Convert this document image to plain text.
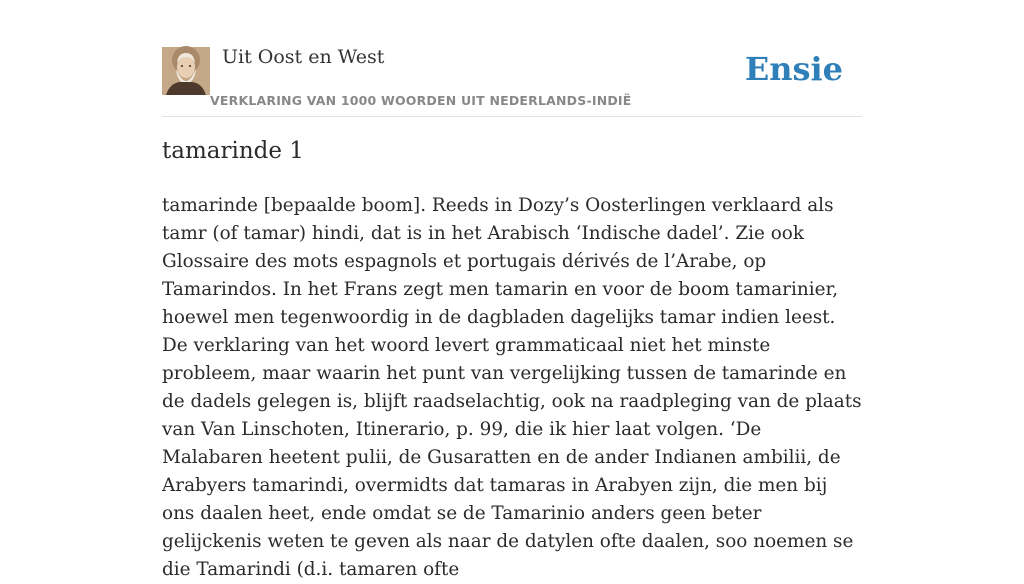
Uit Oost en West
VERKLARING VAN 1000 WOORDEN UIT NEDERLANDS-INDIË
Ensie
tamarinde 1

tamarinde [bepaalde boom]. Reeds in Dozy’s Oosterlingen verklaard als tamr (of tamar) hindi, dat is in het Arabisch ‘Indische dadel’. Zie ook Glossaire des mots espagnols et portugais dérivés de l’Arabe, op Tamarindos. In het Frans zegt men tamarin en voor de boom tamarinier, hoewel men tegenwoordig in de dagbladen dagelijks tamar indien leest. De verklaring van het woord levert grammaticaal niet het minste probleem, maar waarin het punt van vergelijking tussen de tamarinde en de dadels gelegen is, blijft raadselachtig, ook na raadpleging van de plaats van Van Linschoten, Itinerario, p. 99, die ik hier laat volgen. ‘De Malabaren heetent pulii, de Gusaratten en de ander Indianen ambilii, de Arabyers tamarindi, overmidts dat tamaras in Arabyen zijn, die men bij ons daalen heet, ende omdat se de Tamarinio anders geen beter gelijckenis weten te geven als naar de datylen ofte daalen, soo noemen se die Tamarindi (d.i. tamaren ofte
